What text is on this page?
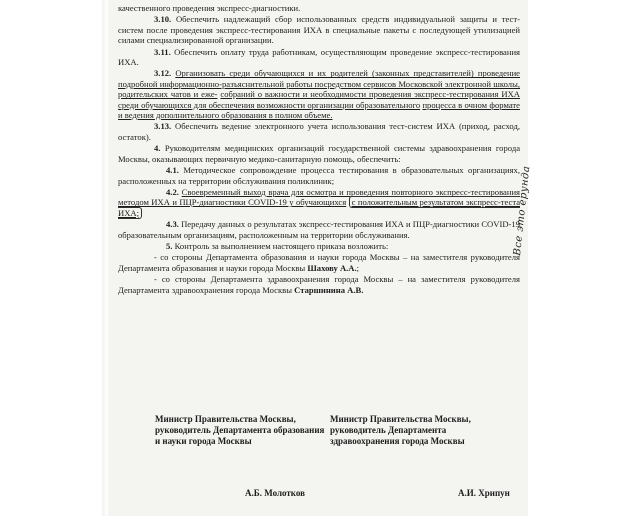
качественного проведения экспресс-диагностики.

3.10. Обеспечить надлежащий сбор использованных средств индивидуальной защиты и тест-систем после проведения экспресс-тестирования ИХА в специальные пакеты с последующей утилизацией силами специализированной организации.

3.11. Обеспечить оплату труда работникам, осуществляющим проведение экспресс-тестирования ИХА.

3.12. Организовать среди обучающихся и их родителей (законных представителей) проведение подробной информационно-разъяснительной работы посредством сервисов Московской электронной школы, родительских чатов и еже- собраний о важности и необходимости проведения экспресс-тестирования ИХА среди обучающихся для обеспечения возможности организации образовательного процесса в очном формате и ведения дополнительного образования в полном объеме.

3.13. Обеспечить ведение электронного учета использования тест-систем ИХА (приход, расход, остаток).

4. Руководителям медицинских организаций государственной системы здравоохранения города Москвы, оказывающих первичную медико-санитарную помощь, обеспечить:

4.1. Методическое сопровождение процесса тестирования в образовательных организациях, расположенных на территории обслуживания поликлиник;

4.2. Своевременный выход врача для осмотра и проведения повторного экспресс-тестирования методом ИХА и ПЦР-диагностики COVID-19 у обучающихся с положительным результатом экспресс-теста ИХА;

4.3. Передачу данных о результатах экспресс-тестирования ИХА и ПЦР-диагностики COVID-19 образовательным организациям, расположенным на территории обслуживания.

5. Контроль за выполнением настоящего приказа возложить:

- со стороны Департамента образования и науки города Москвы – на заместителя руководителя Департамента образования и науки города Москвы Шахову А.А.;

- со стороны Департамента здравоохранения города Москвы – на заместителя руководителя Департамента здравоохранения города Москвы Старшинина А.В.

Все это ерунда
Министр Правительства Москвы, руководитель Департамента образования и науки города Москвы
Министр Правительства Москвы, руководитель Департамента здравоохранения города Москвы
А.Б. Молотков	А.И. Хрипун
